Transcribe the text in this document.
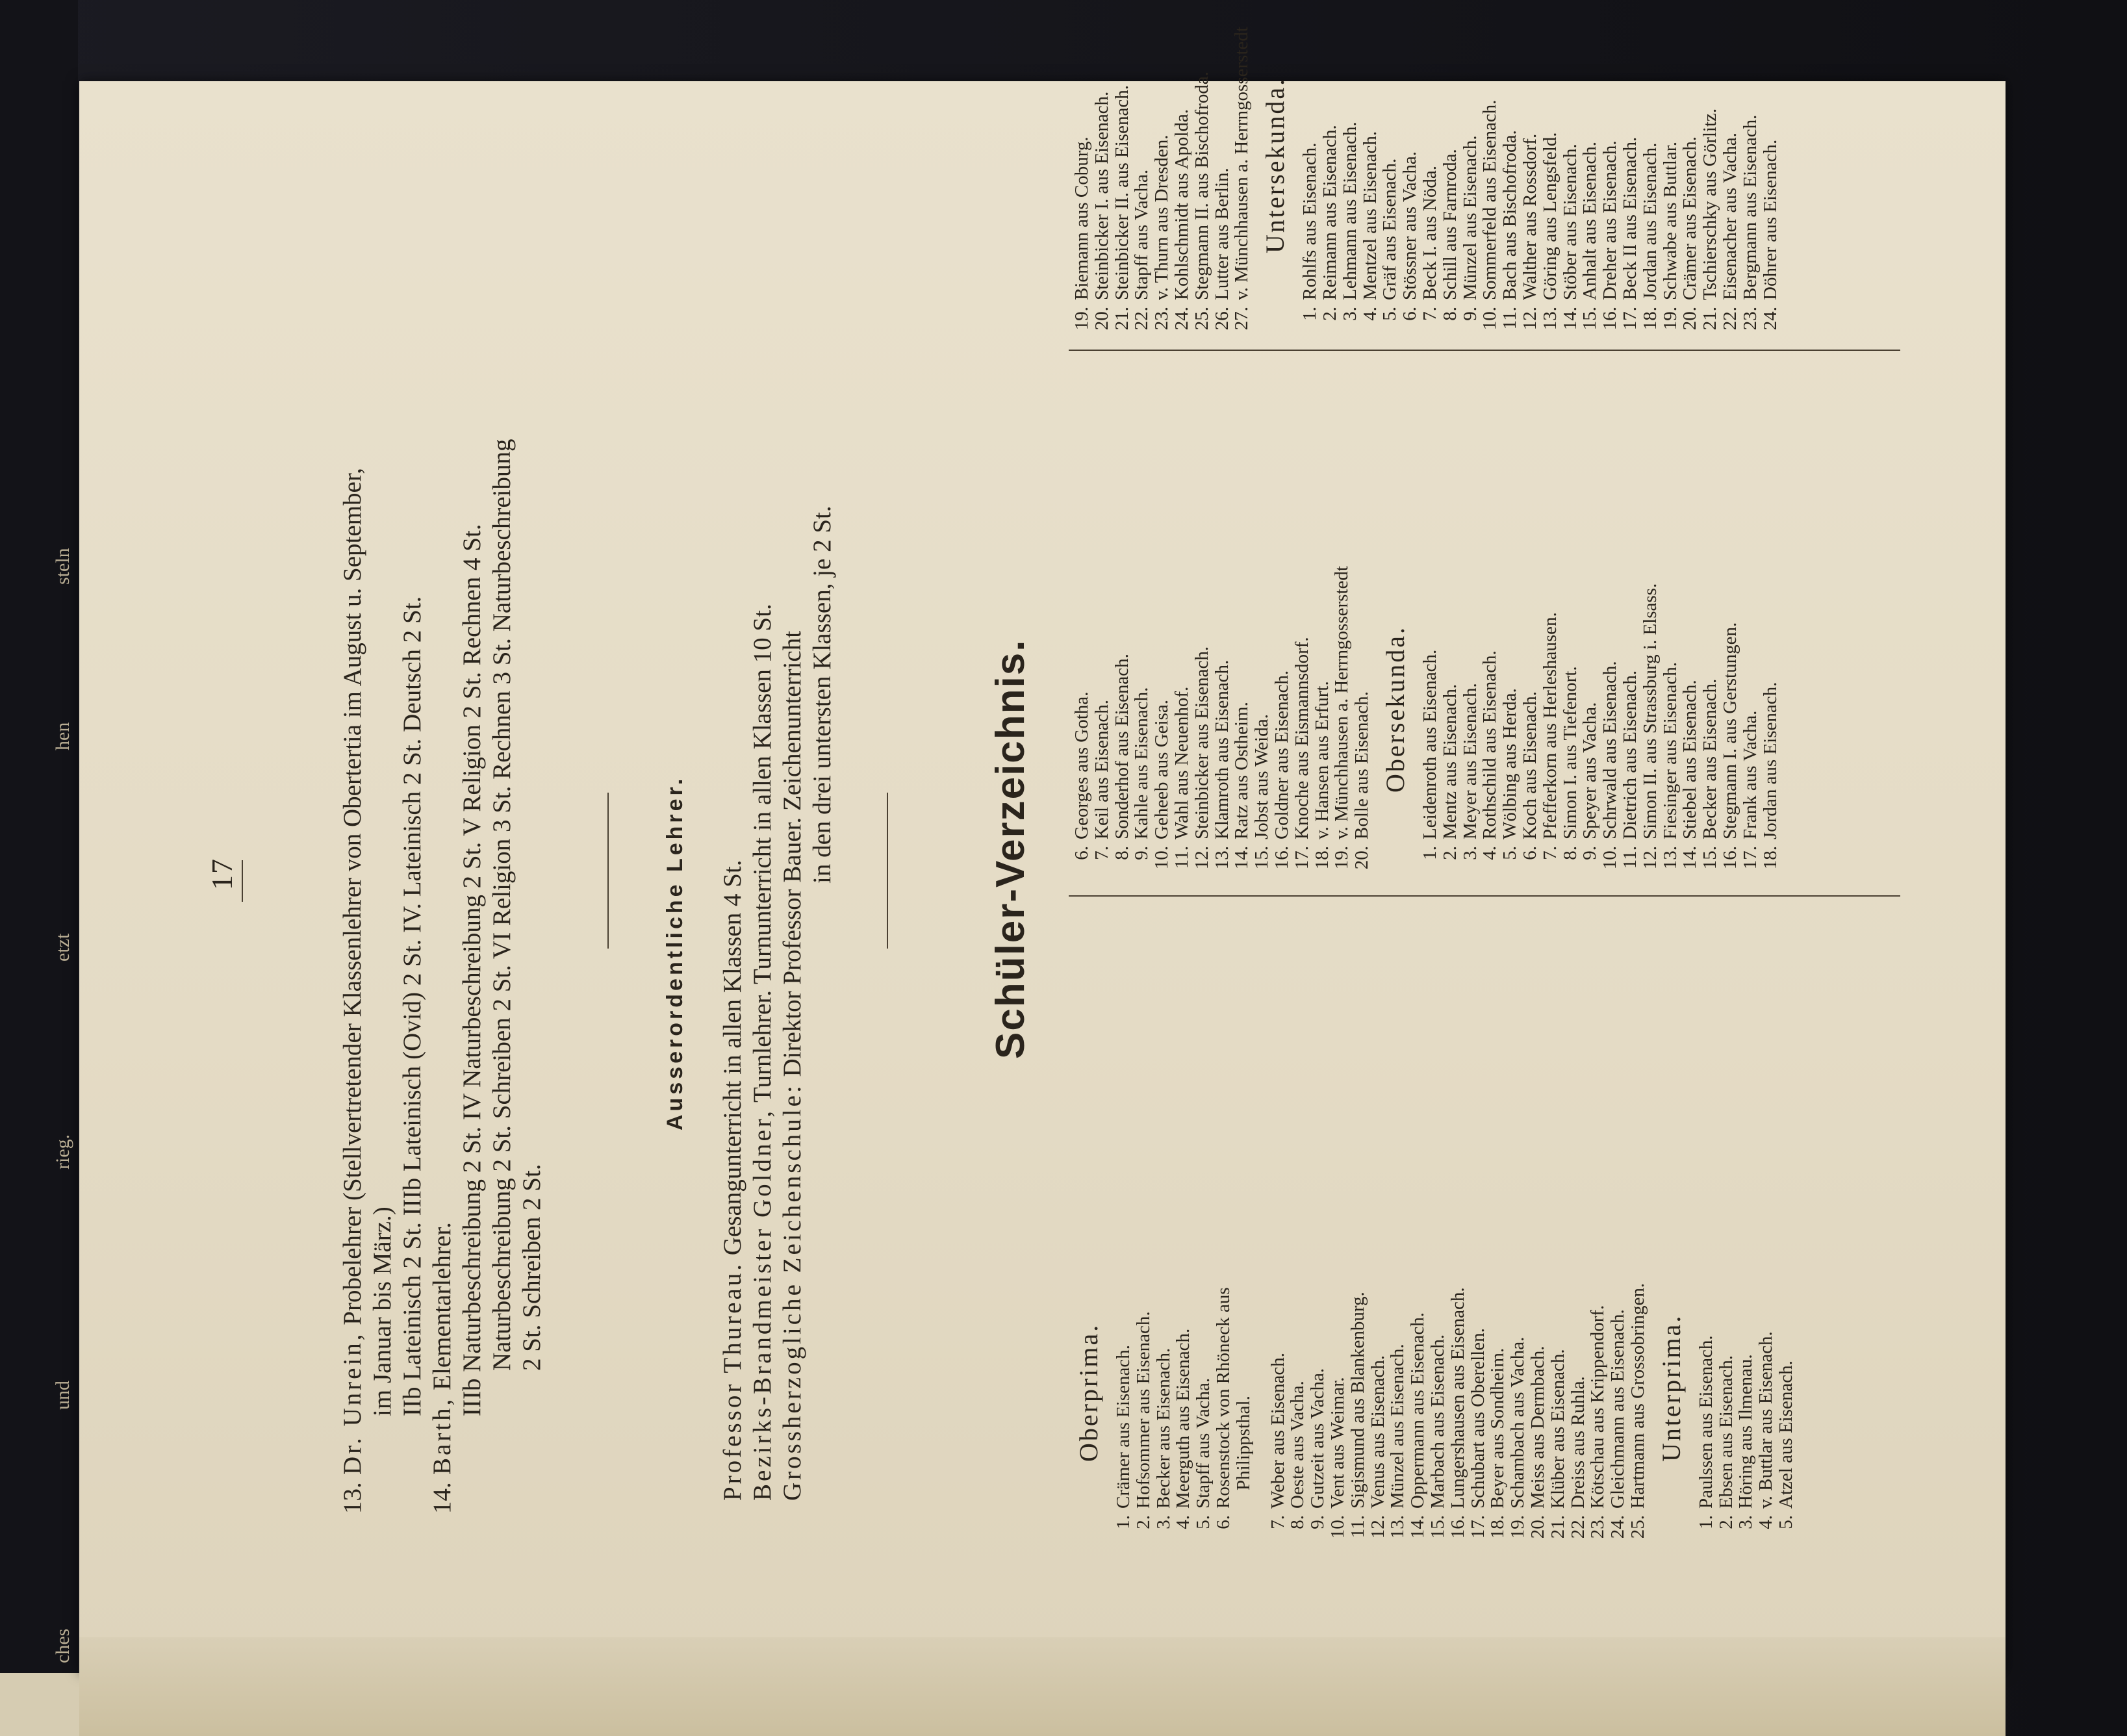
ches
und
rieg.
etzt
hen
steln
17
13.Dr. Unrein, Probelehrer (Stellvertretender Klassenlehrer von Obertertia im August u. September, im Januar bis März.) IIb Lateinisch 2 St. IIIb Lateinisch (Ovid) 2 St. IV. Lateinisch 2 St. Deutsch 2 St.
14.Barth, Elementarlehrer. IIIb Naturbeschreibung 2 St. IV Naturbeschreibung 2 St. V Religion 2 St. Rechnen 4 St. Naturbeschreibung 2 St. Schreiben 2 St. VI Religion 3 St. Rechnen 3 St. Naturbeschreibung 2 St. Schreiben 2 St.
Ausserordentliche Lehrer.
Professor Thureau. Gesangunterricht in allen Klassen 4 St.
Bezirks-Brandmeister Goldner, Turnlehrer. Turnunterricht in allen Klassen 10 St.
Grossherzogliche Zeichenschule: Direktor Professor Bauer. Zeichenunterricht in den drei untersten Klassen, je 2 St.	Schüler-Verzeichnis.
Oberprima.
1.Crämer aus Eisenach.
2.Hofsommer aus Eisenach.
3.Becker aus Eisenach.
4.Meerguth aus Eisenach.
5.Stapff aus Vacha.
6.Rosenstock von Rhöneck aus
Philippsthal.
7.Weber aus Eisenach.
8.Oeste aus Vacha.
9.Gutzeit aus Vacha.
10.Vent aus Weimar.
11.Sigismund aus Blankenburg.
12.Venus aus Eisenach.
13.Münzel aus Eisenach.
14.Oppermann aus Eisenach.
15.Marbach aus Eisenach.
16.Lungershausen aus Eisenach.
17.Schubart aus Oberellen.
18.Beyer aus Sondheim.
19.Schambach aus Vacha.
20.Meiss aus Dermbach.
21.Klüber aus Eisenach.
22.Dreiss aus Ruhla.
23.Kötschau aus Krippendorf.
24.Gleichmann aus Eisenach.
25.Hartmann aus Grossobringen. Unterprima.
1.Paulssen aus Eisenach.
2.Ebsen aus Eisenach.
3.Höring aus Ilmenau.
4.v. Buttlar aus Eisenach.
5.Atzel aus Eisenach.
6.Georges aus Gotha.
7.Keil aus Eisenach.
8.Sonderhof aus Eisenach.
9.Kahle aus Eisenach.
10.Geheeb aus Geisa.
11.Wahl aus Neuenhof.
12.Steinbicker aus Eisenach.
13.Klamroth aus Eisenach.
14.Ratz aus Ostheim.
15.Jobst aus Weida.
16.Goldner aus Eisenach.
17.Knoche aus Eismannsdorf.
18.v. Hansen aus Erfurt.
19.v. Münchhausen a. Herrngosserstedt
20.Bolle aus Eisenach. Obersekunda.
1.Leidenroth aus Eisenach.
2.Mentz aus Eisenach.
3.Meyer aus Eisenach.
4.Rothschild aus Eisenach.
5.Wölbing aus Herda.
6.Koch aus Eisenach.
7.Pfefferkorn aus Herleshausen.
8.Simon I. aus Tiefenort.
9.Speyer aus Vacha.
10.Schrwald aus Eisenach.
11.Dietrich aus Eisenach.
12.Simon II. aus Strassburg i. Elsass.
13.Fiesinger aus Eisenach.
14.Stiebel aus Eisenach.
15.Becker aus Eisenach.
16.Stegmann I. aus Gerstungen.
17.Frank aus Vacha.
18.Jordan aus Eisenach.
19.Biemann aus Coburg.
20.Steinbicker I. aus Eisenach.
21.Steinbicker II. aus Eisenach.
22.Stapff aus Vacha.
23.v. Thurn aus Dresden.
24.Kohlschmidt aus Apolda.
25.Stegmann II. aus Bischofroda.
26.Lutter aus Berlin.
27.v. Münchhausen a. Herrngosserstedt Untersekunda.
1.Rohlfs aus Eisenach.
2.Reimann aus Eisenach.
3.Lehmann aus Eisenach.
4.Mentzel aus Eisenach.
5.Gräf aus Eisenach.
6.Stössner aus Vacha.
7.Beck I. aus Nöda.
8.Schill aus Farnroda.
9.Münzel aus Eisenach.
10.Sommerfeld aus Eisenach.
11.Bach aus Bischofroda.
12.Walther aus Rossdorf.
13.Göring aus Lengsfeld.
14.Stöber aus Eisenach.
15.Anhalt aus Eisenach.
16.Dreher aus Eisenach.
17.Beck II aus Eisenach.
18.Jordan aus Eisenach.
19.Schwabe aus Buttlar.
20.Crämer aus Eisenach.
21.Tschierschky aus Görlitz.
22.Eisenacher aus Vacha.
23.Bergmann aus Eisenach.
24.Döhrer aus Eisenach.
